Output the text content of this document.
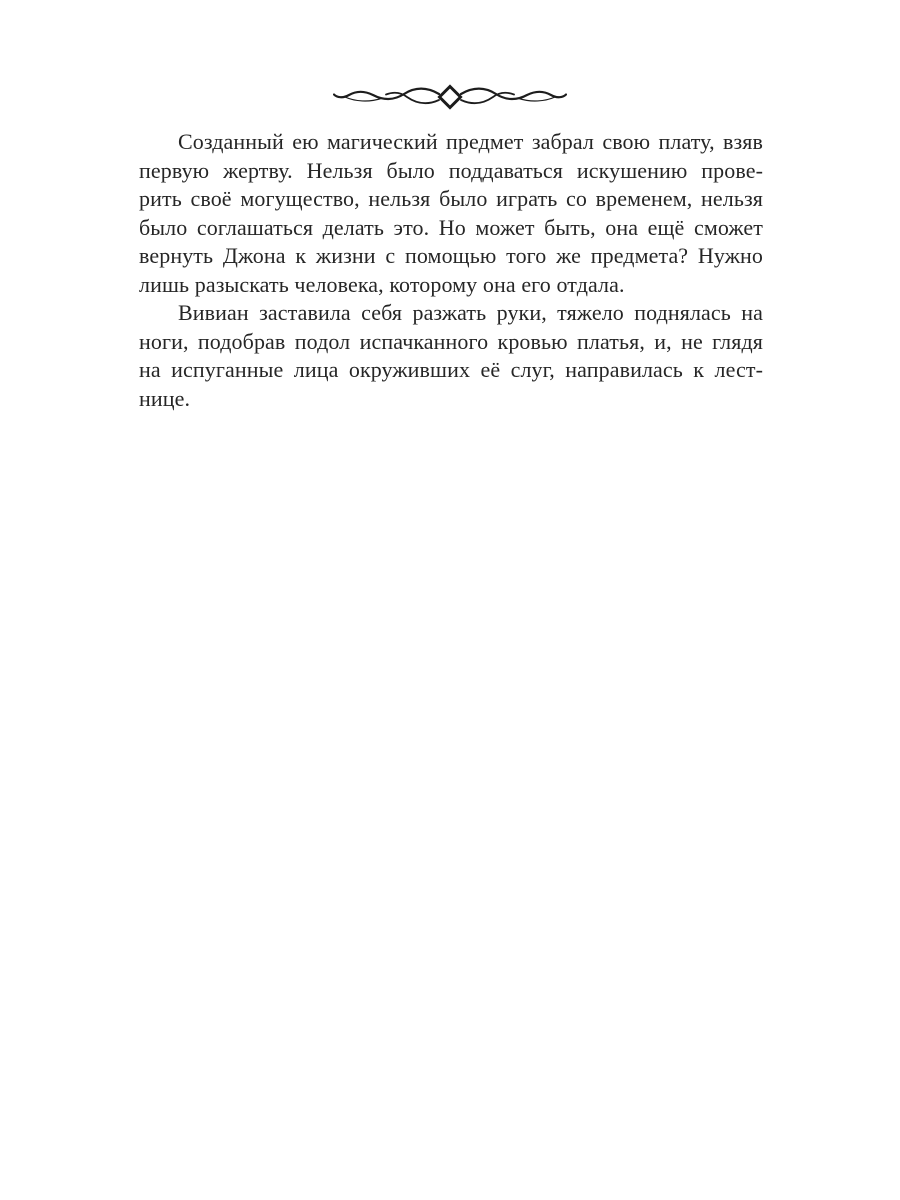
Созданный ею магический предмет забрал свою плату, взяв
первую жертву. Нельзя было поддаваться искушению прове-
рить своё могущество, нельзя было играть со временем, нельзя
было соглашаться делать это. Но может быть, она ещё сможет
вернуть Джона к жизни с помощью того же предмета? Нужно
лишь разыскать человека, которому она его отдала.
Вивиан заставила себя разжать руки, тяжело поднялась на
ноги, подобрав подол испачканного кровью платья, и, не глядя
на испуганные лица окруживших её слуг, направилась к лест-
нице.
